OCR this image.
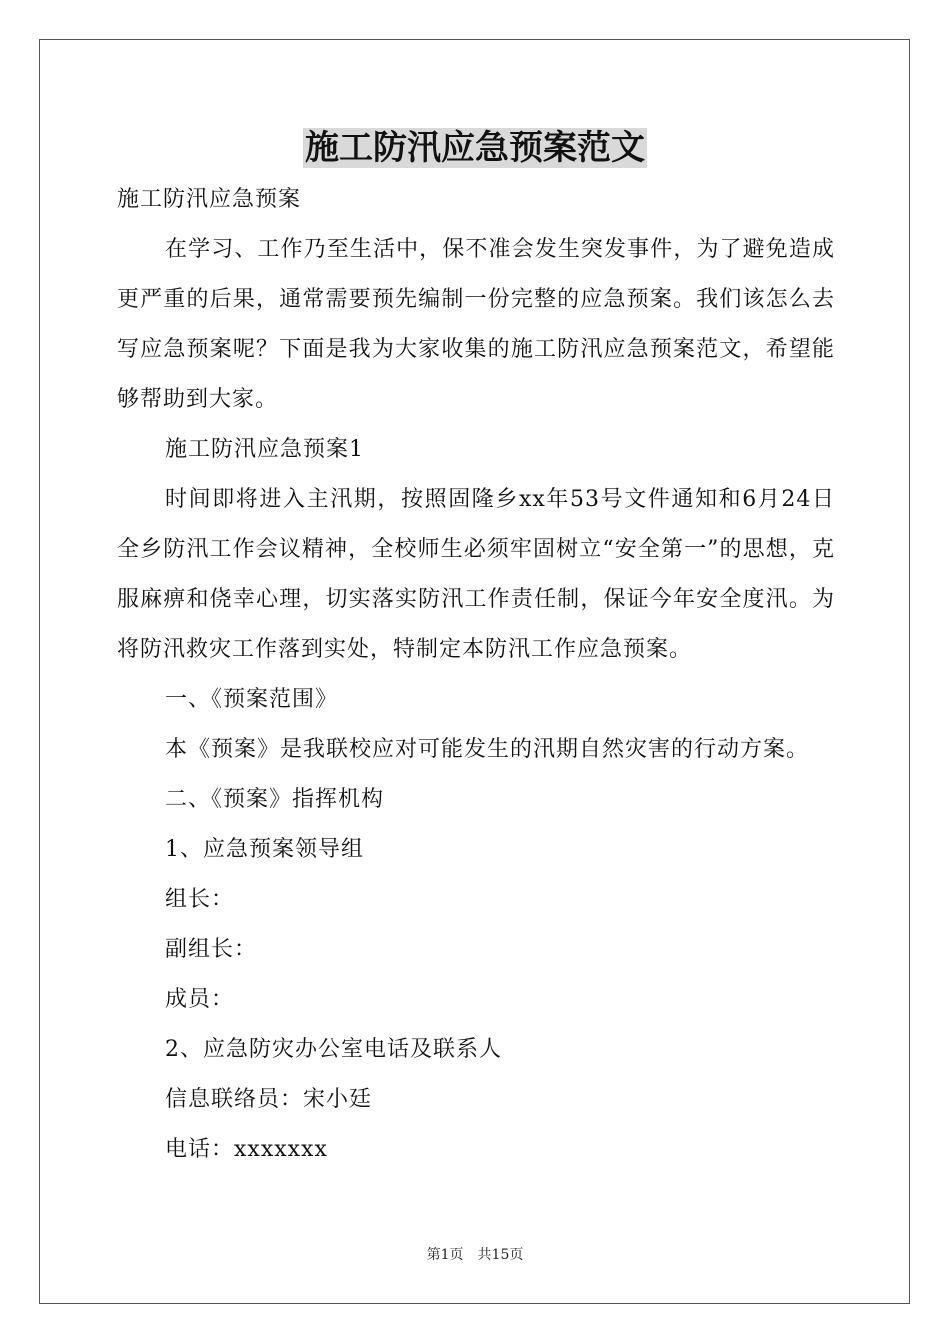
施工防汛应急预案范文

施工防汛应急预案

在学习、工作乃至生活中，保不准会发生突发事件，为了避免造成更严重的后果，通常需要预先编制一份完整的应急预案。我们该怎么去写应急预案呢？下面是我为大家收集的施工防汛应急预案范文，希望能够帮助到大家。

施工防汛应急预案1

时间即将进入主汛期，按照固隆乡xx年53号文件通知和6月24日全乡防汛工作会议精神，全校师生必须牢固树立“安全第一”的思想，克服麻痹和侥幸心理，切实落实防汛工作责任制，保证今年安全度汛。为将防汛救灾工作落到实处，特制定本防汛工作应急预案。

一、《预案范围》

本《预案》是我联校应对可能发生的汛期自然灾害的行动方案。

二、《预案》指挥机构

1、应急预案领导组

组长：

副组长：

成员：

2、应急防灾办公室电话及联系人

信息联络员：宋小廷

电话：xxxxxxx

第1页　共15页
